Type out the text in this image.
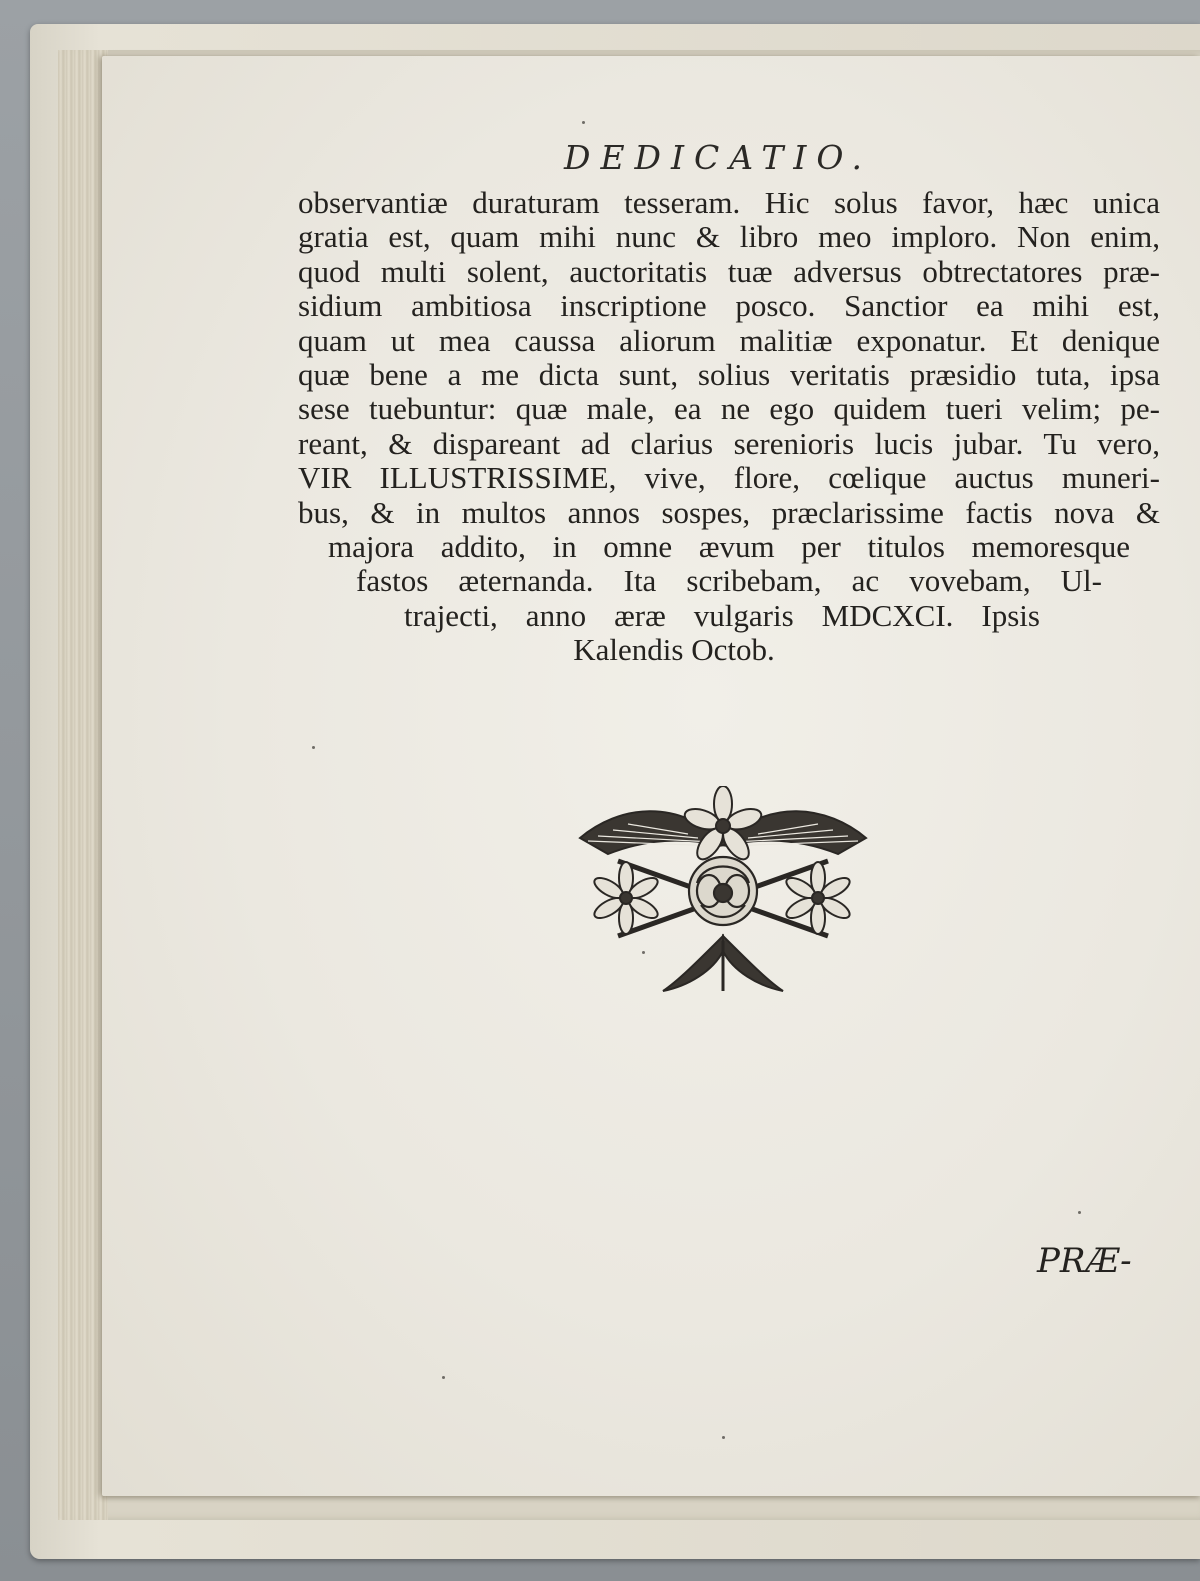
DEDICATIO.
observantiæ duraturam tesseram. Hic solus favor, hæc unica
gratia est, quam mihi nunc & libro meo imploro. Non enim,
quod multi solent, auctoritatis tuæ adversus obtrectatores præ-
sidium ambitiosa inscriptione posco. Sanctior ea mihi est,
quam ut mea caussa aliorum malitiæ exponatur. Et denique
quæ bene a me dicta sunt, solius veritatis præsidio tuta, ipsa
sese tuebuntur: quæ male, ea ne ego quidem tueri velim; pe-
reant, & dispareant ad clarius serenioris lucis jubar. Tu vero,
VIR ILLUSTRISSIME, vive, flore, cœlique auctus muneri-
bus, & in multos annos sospes, præclarissime factis nova &
majora addito, in omne ævum per titulos memoresque
fastos æternanda. Ita scribebam, ac vovebam, Ul-
trajecti, anno æræ vulgaris MDCXCI. Ipsis
Kalendis Octob.
PRÆ-
